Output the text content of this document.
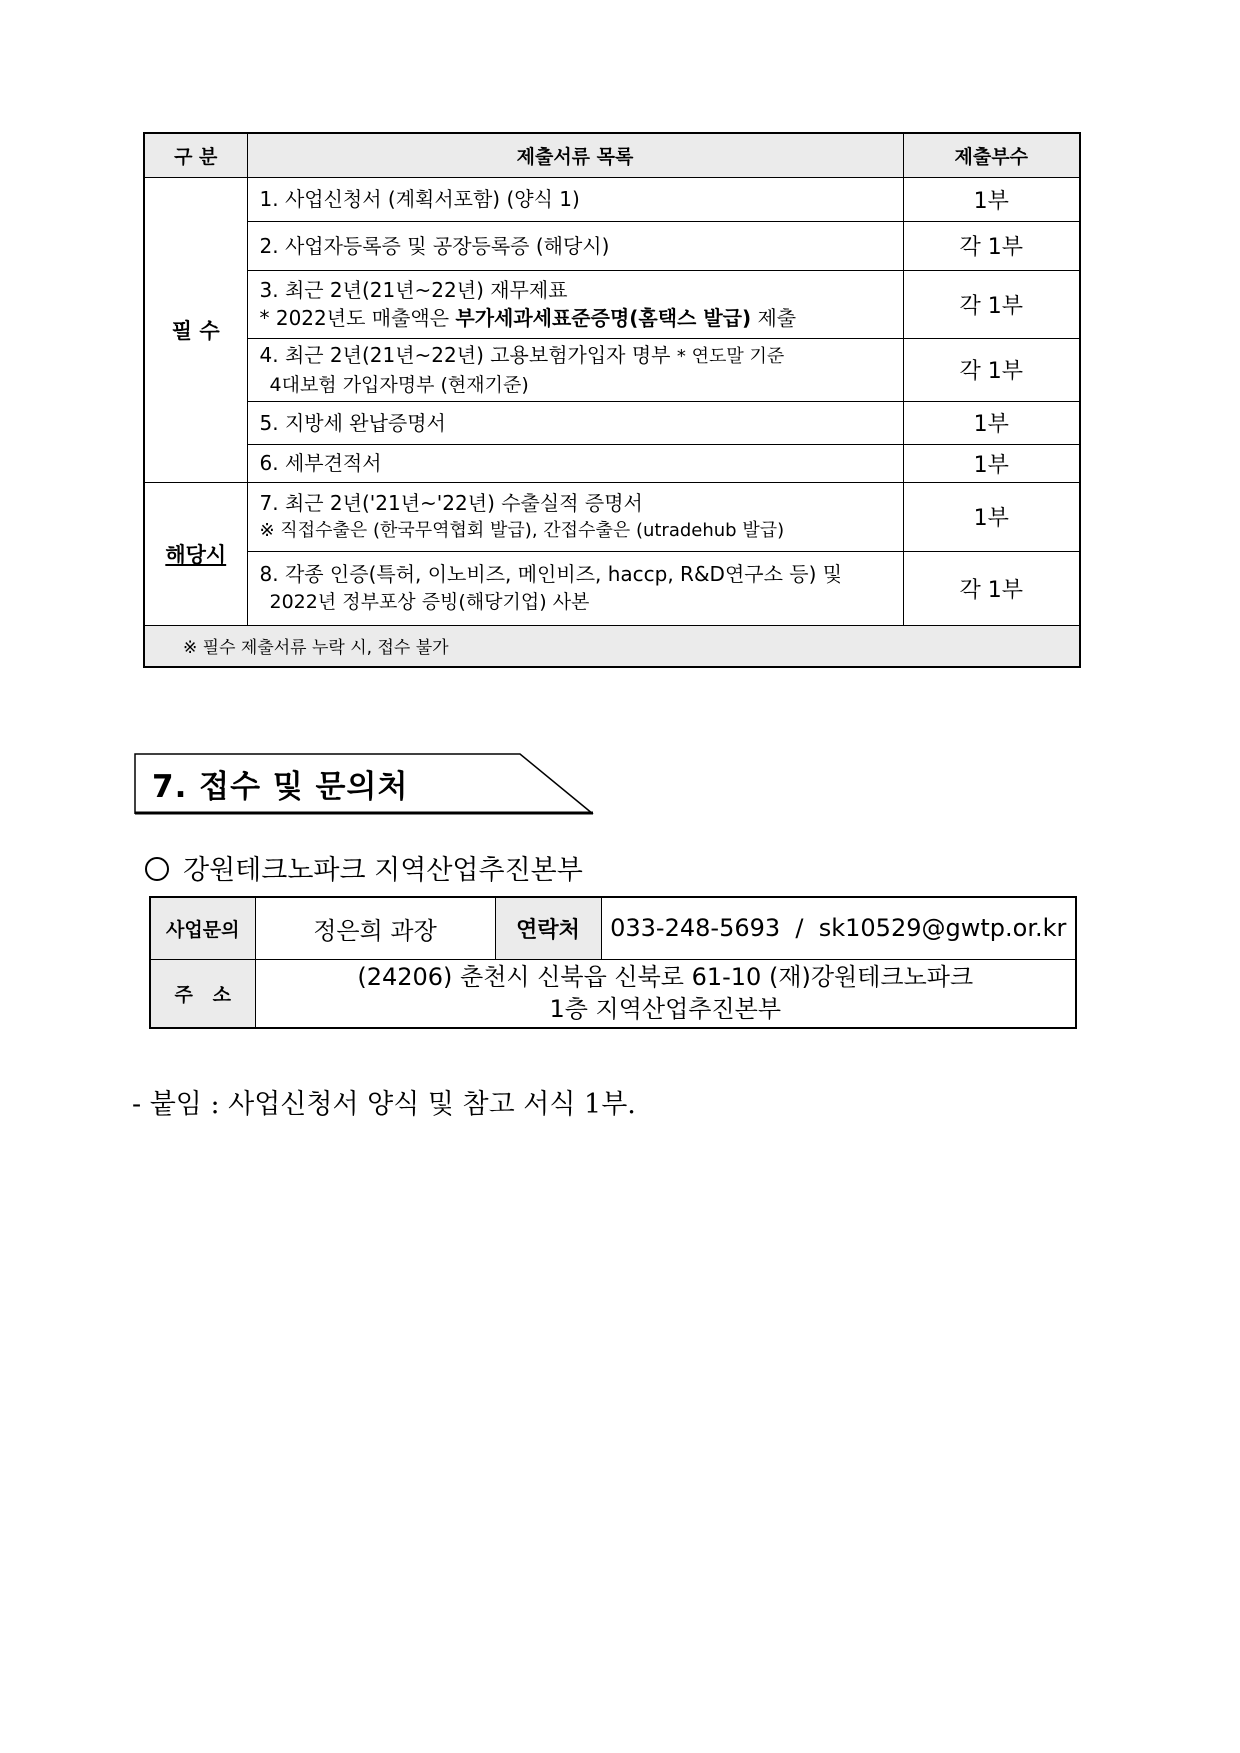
구 분	제출서류 목록	제출부수
필 수	1. 사업신청서 (계획서포함) (양식 1)	1부
	2. 사업자등록증 및 공장등록증 (해당시)	각 1부

	3. 최근 2년(21년~22년) 재무제표
* 2022년도 매출액은 부가세과세표준증명(홈택스 발급) 제출	각 1부

	4. 최근 2년(21년~22년) 고용보험가입자 명부 * 연도말 기준
4대보험 가입자명부 (현재기준)	각 1부
	5. 지방세 완납증명서	1부
	6. 세부견적서	1부
해당시	7. 최근 2년('21년~'22년) 수출실적 증명서
※ 직접수출은 (한국무역협회 발급), 간접수출은 (utradehub 발급)	1부

	8. 각종 인증(특허, 이노비즈, 메인비즈, haccp, R&D연구소 등) 및
2022년 정부포상 증빙(해당기업) 사본	각 1부
※ 필수 제출서류 누락 시, 접수 불가		
7. 접수 및 문의처
강원테크노파크 지역산업추진본부
사업문의	정은희 과장	연락처	033-248-5693  /  sk10529@gwtp.or.kr
주   소	(24206) 춘천시 신북읍 신북로 61-10 (재)강원테크노파크
1층 지역산업추진본부		
- 붙임 : 사업신청서 양식 및 참고 서식 1부.
